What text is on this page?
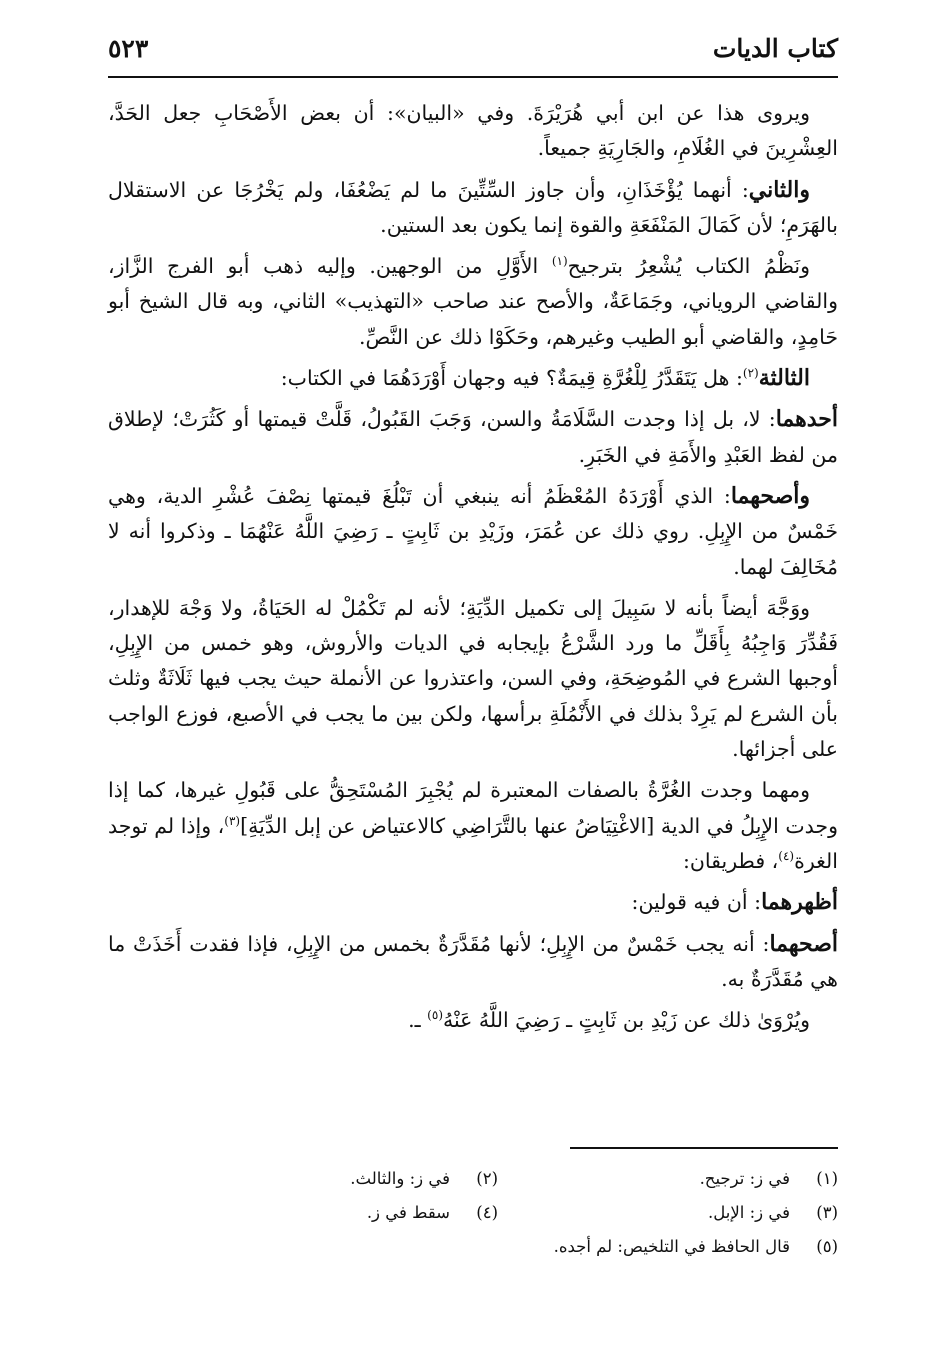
كتاب الديات
٥٢٣

ويروى هذا عن ابن أبي هُرَيْرَةَ. وفي «البيان»: أن بعض الأَصْحَابِ جعل الحَدَّ، العِشْرِينَ في الغُلَامِ، والجَارِيَةِ جميعاً.

والثاني: أنهما يُؤْخَذَانِ، وأن جاوز السِّتِّينَ ما لم يَضْعُفَا، ولم يَخْرُجَا عن الاستقلال بالهَرَمِ؛ لأن كَمَالَ المَنْفَعَةِ والقوة إنما يكون بعد الستين.

ونَظْمُ الكتاب يُشْعِرُ بترجيح$^{(١)}$ الأَوَّلِ من الوجهين. وإليه ذهب أبو الفرج الزَّاز، والقاضي الروياني، وجَمَاعَةٌ، والأصح عند صاحب «التهذيب» الثاني، وبه قال الشيخ أبو حَامِدٍ، والقاضي أبو الطيب وغيرهم، وحَكَوْا ذلك عن النَّصِّ.

الثالثة$^{(٢)}$: هل يَتَقَدَّرُ لِلْغُرَّةِ قِيمَةٌ؟ فيه وجهان أَوْرَدَهُمَا في الكتاب:

أحدهما: لا، بل إذا وجدت السَّلَامَةُ والسن، وَجَبَ القَبُولُ، قَلَّتْ قيمتها أو كَثُرَتْ؛ لإطلاق من لفظ العَبْدِ والأَمَةِ في الخَبَرِ.

وأصحهما: الذي أَوْرَدَهُ المُعْظَمُ أنه ينبغي أن تَبْلُغَ قيمتها نِصْفَ عُشْرِ الدية، وهي خَمْسٌ من الإِبِلِ. روي ذلك عن عُمَرَ، وزَيْدِ بن ثَابِتٍ ـ رَضِيَ اللَّهُ عَنْهُمَا ـ وذكروا أنه لا مُخَالِفَ لهما.

ووَجَّهَ أيضاً بأنه لا سَبِيلَ إلى تكميل الدِّيَةِ؛ لأنه لم تَكْمُلْ له الحَيَاةُ، ولا وَجْهَ للإهدار، فَقُدِّرَ وَاجِبُهُ بِأَقَلِّ ما ورد الشَّرْعُ بإيجابه في الديات والأروش، وهو خمس من الإِبِلِ، أوجبها الشرع في المُوضِحَةِ، وفي السن، واعتذروا عن الأنملة حيث يجب فيها ثَلَاثَةٌ وثلث بأن الشرع لم يَرِدْ بذلك في الأَنْمُلَةِ برأسها، ولكن بين ما يجب في الأصبع، فوزع الواجب على أجزائها.

ومهما وجدت الغُرَّةُ بالصفات المعتبرة لم يُجْبِرَ المُسْتَحِقُّ على قَبُولِ غيرها، كما إذا وجدت الإِبِلُ في الدية [الاغْتِيَاضُ عنها بالتَّرَاضِي كالاعتياض عن إبل الدِّيَةِ]$^{(٣)}$، وإذا لم توجد الغرة$^{(٤)}$، فطريقان:

أظهرهما: أن فيه قولين:

أصحهما: أنه يجب خَمْسٌ من الإِبِلِ؛ لأنها مُقَدَّرَةٌ بخمس من الإِبِلِ، فإذا فقدت أَخَذَتْ ما هي مُقَدَّرَةٌ به.

ويُرْوَىٰ ذلك عن زَيْدِ بن ثَابِتٍ ـ رَضِيَ اللَّهُ عَنْهُ$^{(٥)}$ ـ.

(١)
في ز: ترجيح.
(٢)
في ز: والثالث.
(٣)
في ز: الإبل.
(٤)
سقط في ز.
(٥)
قال الحافظ في التلخيص: لم أجده.
